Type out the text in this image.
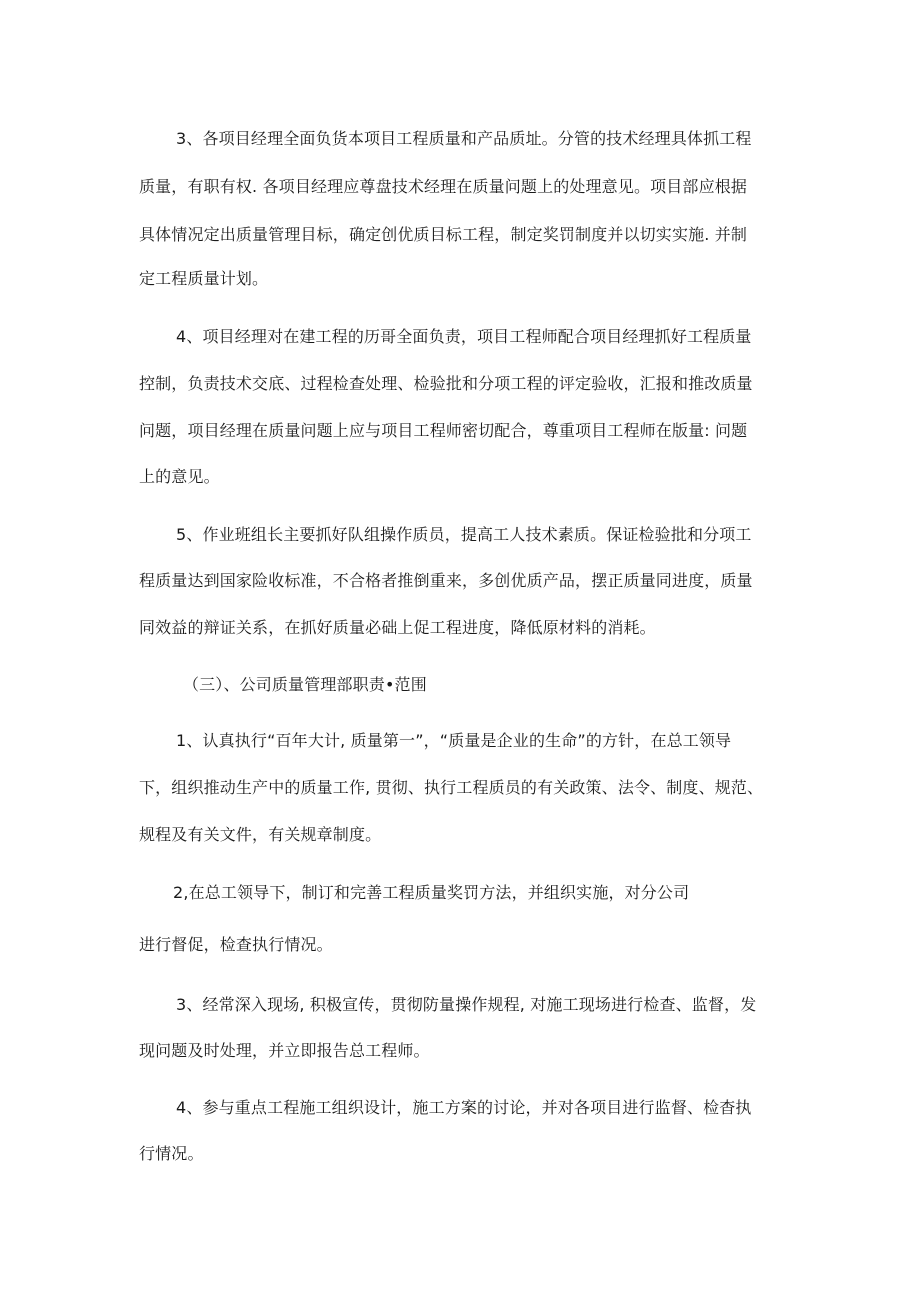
3、各项目经理全面负货本项目工程质量和产品质址。分管的技术经理具体抓工程
质量，有职有权. 各项目经理应尊盘技术经理在质量问题上的处理意见。项目部应根据
具体情况定出质量管理目标，确定创优质目标工程，制定奖罚制度并以切实实施. 并制
定工程质量计划。
4、项目经理对在建工程的历哥全面负责，项目工程师配合项目经理抓好工程质量
控制，负责技术交底、过程检查处理、检验批和分项工程的评定验收，汇报和推改质量
问题，项目经理在质量问题上应与项目工程师密切配合，尊重项目工程师在版量: 问题
上的意见。
5、作业班组长主要抓好队组操作质员，提高工人技术素质。保证检验批和分项工
程质量达到国家险收标准，不合格者推倒重来，多创优质产品，摆正质量同进度，质量
同效益的辩证关系，在抓好质量必础上促工程进度，降低原材料的消耗。
（三）、公司质量管理部职责•范围
1、认真执行“百年大计, 质量第一”，“质量是企业的生命”的方针，在总工领导
下，组织推动生产中的质量工作, 贯彻、执行工程质员的有关政策、法令、制度、规范、
规程及有关文件，有关规章制度。
2,在总工领导下，制订和完善工程质量奖罚方法，并组织实施，对分公司
进行督促，检查执行情况。
3、经常深入现场, 积极宣传，贯彻防量操作规程, 对施工现场进行检查、监督，发
现问题及时处理，并立即报告总工程师。
4、参与重点工程施工组织设计，施工方案的讨论，并对各项目进行监督、检杳执
行情况。
